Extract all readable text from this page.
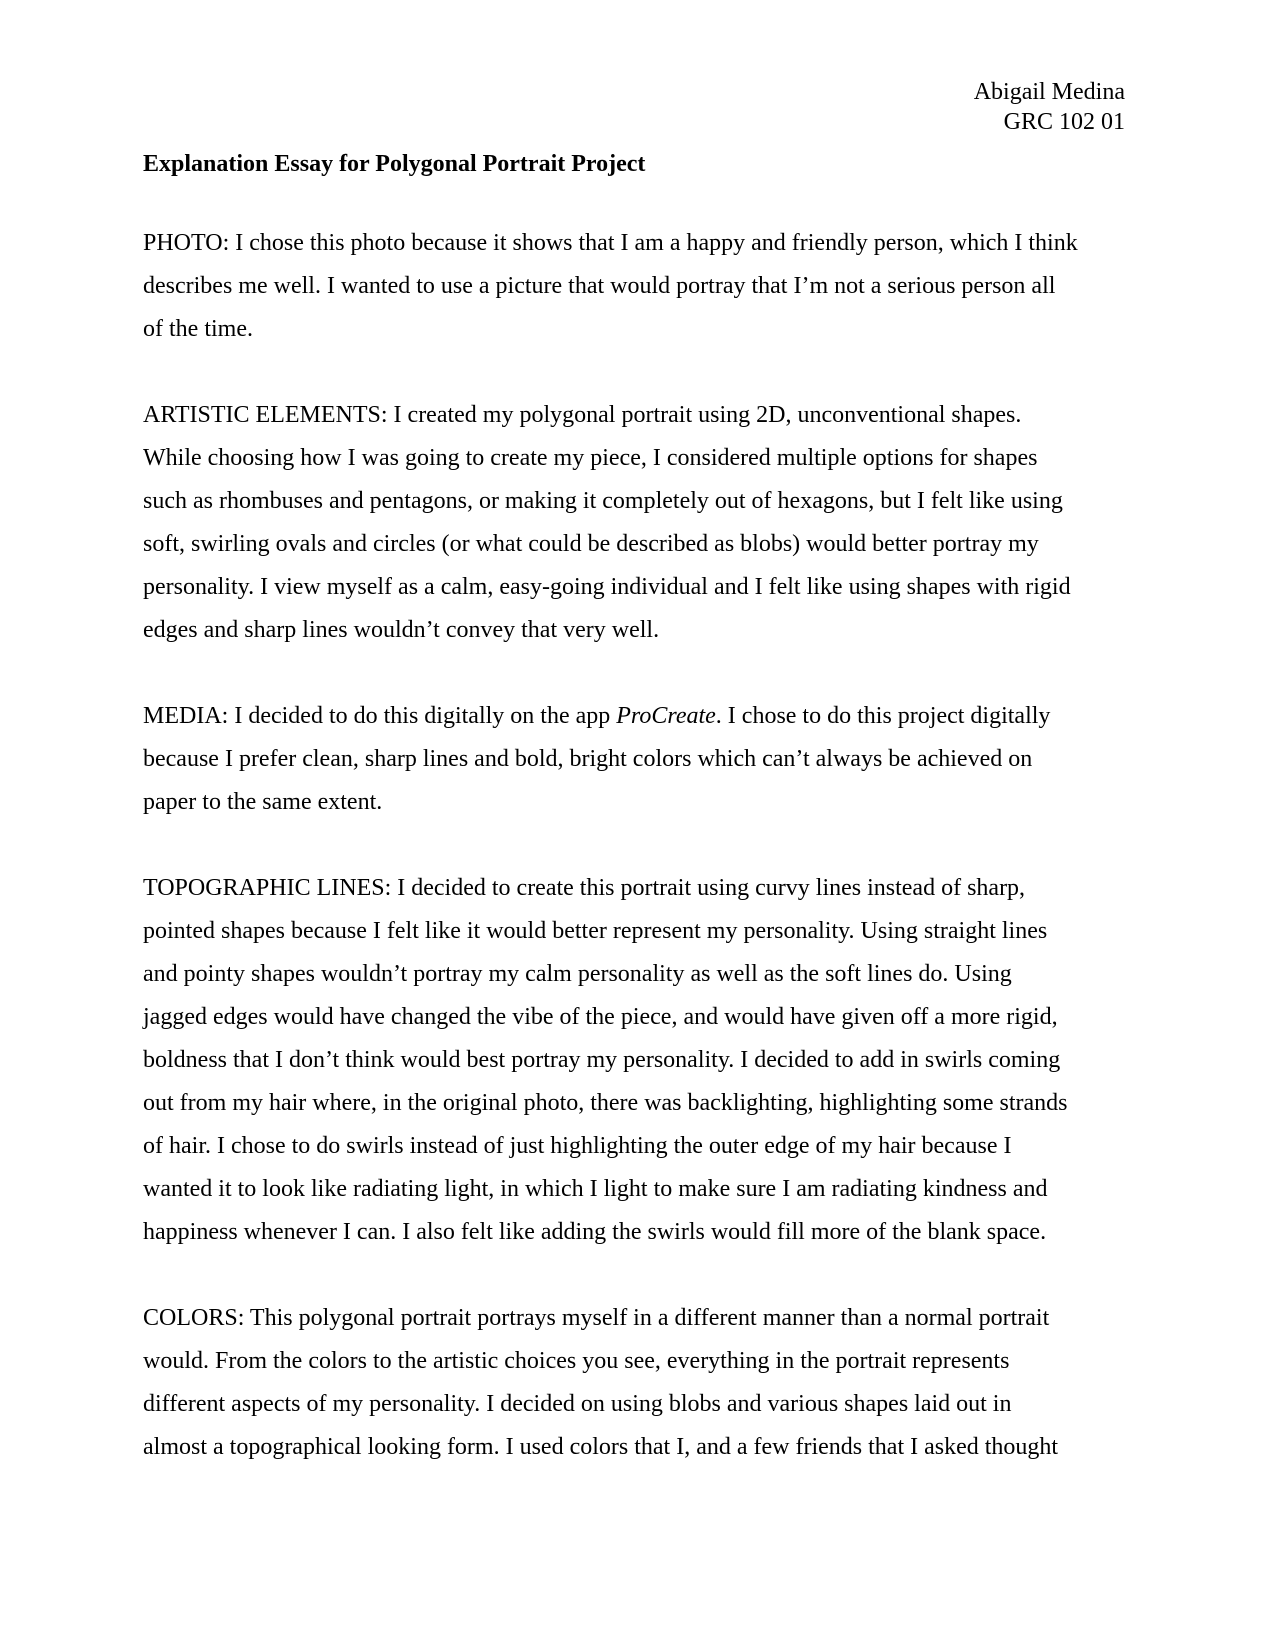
Abigail Medina
GRC 102 01
Explanation Essay for Polygonal Portrait Project
PHOTO: I chose this photo because it shows that I am a happy and friendly person, which I think
describes me well. I wanted to use a picture that would portray that I’m not a serious person all
of the time.
ARTISTIC ELEMENTS: I created my polygonal portrait using 2D, unconventional shapes.
While choosing how I was going to create my piece, I considered multiple options for shapes
such as rhombuses and pentagons, or making it completely out of hexagons, but I felt like using
soft, swirling ovals and circles (or what could be described as blobs) would better portray my
personality. I view myself as a calm, easy-going individual and I felt like using shapes with rigid
edges and sharp lines wouldn’t convey that very well.
MEDIA: I decided to do this digitally on the app ProCreate. I chose to do this project digitally
because I prefer clean, sharp lines and bold, bright colors which can’t always be achieved on
paper to the same extent.
TOPOGRAPHIC LINES: I decided to create this portrait using curvy lines instead of sharp,
pointed shapes because I felt like it would better represent my personality. Using straight lines
and pointy shapes wouldn’t portray my calm personality as well as the soft lines do. Using
jagged edges would have changed the vibe of the piece, and would have given off a more rigid,
boldness that I don’t think would best portray my personality. I decided to add in swirls coming
out from my hair where, in the original photo, there was backlighting, highlighting some strands
of hair. I chose to do swirls instead of just highlighting the outer edge of my hair because I
wanted it to look like radiating light, in which I light to make sure I am radiating kindness and
happiness whenever I can. I also felt like adding the swirls would fill more of the blank space.
COLORS: This polygonal portrait portrays myself in a different manner than a normal portrait
would. From the colors to the artistic choices you see, everything in the portrait represents
different aspects of my personality. I decided on using blobs and various shapes laid out in
almost a topographical looking form. I used colors that I, and a few friends that I asked thought
